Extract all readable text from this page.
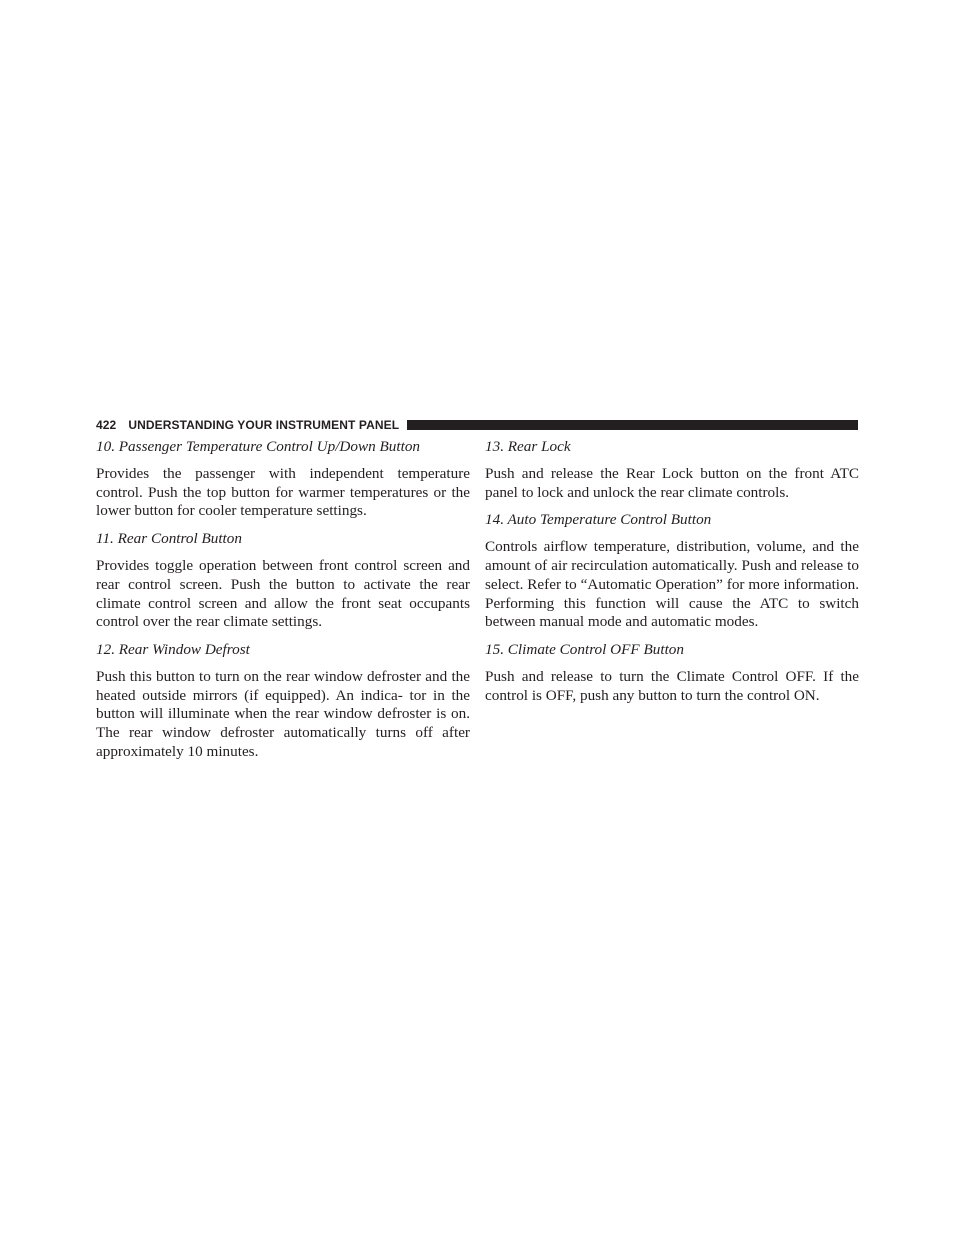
422 UNDERSTANDING YOUR INSTRUMENT PANEL

10. Passenger Temperature Control Up/Down Button

Provides the passenger with independent temperature control. Push the top button for warmer temperatures or the lower button for cooler temperature settings.

11. Rear Control Button

Provides toggle operation between front control screen and rear control screen. Push the button to activate the rear climate control screen and allow the front seat occupants control over the rear climate settings.

12. Rear Window Defrost

Push this button to turn on the rear window defroster and the heated outside mirrors (if equipped). An indica- tor in the button will illuminate when the rear window defroster is on. The rear window defroster automatically turns off after approximately 10 minutes.

13. Rear Lock

Push and release the Rear Lock button on the front ATC panel to lock and unlock the rear climate controls.

14. Auto Temperature Control Button

Controls airflow temperature, distribution, volume, and the amount of air recirculation automatically. Push and release to select. Refer to “Automatic Operation” for more information. Performing this function will cause the ATC to switch between manual mode and automatic modes.

15. Climate Control OFF Button

Push and release to turn the Climate Control OFF. If the control is OFF, push any button to turn the control ON.
